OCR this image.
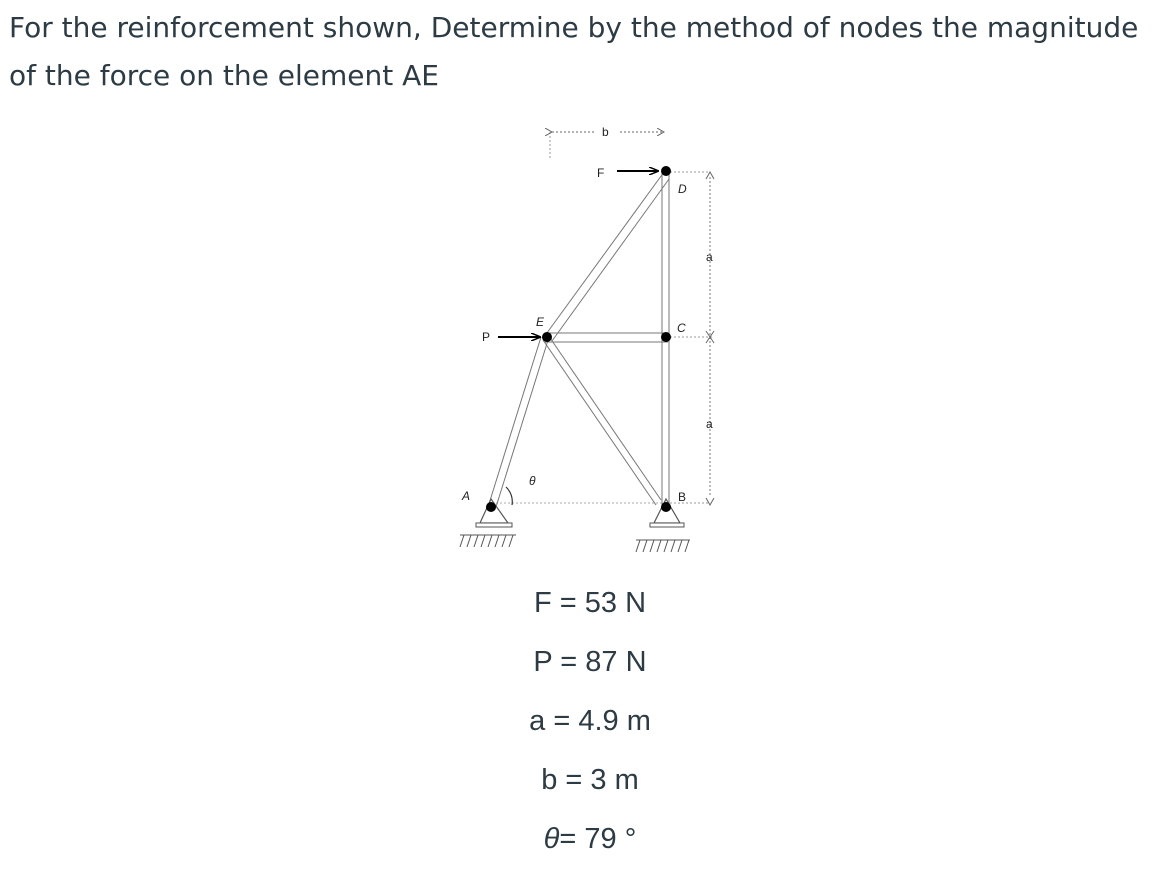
For the reinforcement shown, Determine by the method of nodes the magnitude of the force on the element AE

b
a
a
F
P
D
C
E
B
A
θ
F = 53 N
P = 87 N
a = 4.9 m
b = 3 m
θ= 79 °
